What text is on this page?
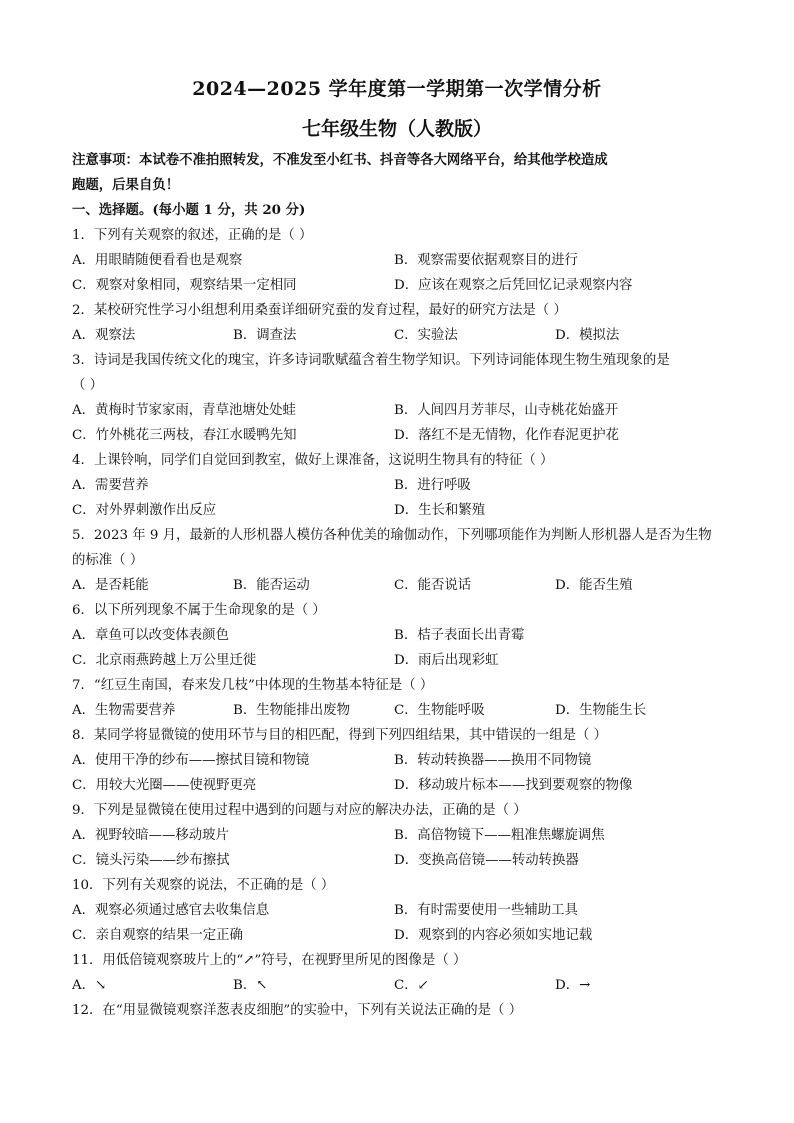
2024—2025 学年度第一学期第一次学情分析
七年级生物（人教版）
注意事项：本试卷不准拍照转发，不准发至小红书、抖音等各大网络平台，给其他学校造成
跑题，后果自负！
一、选择题。(每小题 1 分，共 20 分)
1．下列有关观察的叙述，正确的是（ ）
A．用眼睛随便看看也是观察	B．观察需要依据观察目的进行
C．观察对象相同，观察结果一定相同	D．应该在观察之后凭回忆记录观察内容
2．某校研究性学习小组想利用桑蚕详细研究蚕的发育过程，最好的研究方法是（ ）
A．观察法	B．调查法	C．实验法	D．模拟法
3．诗词是我国传统文化的瑰宝，许多诗词歌赋蕴含着生物学知识。下列诗词能体现生物生殖现象的是
（ ）
A．黄梅时节家家雨，青草池塘处处蛙	B．人间四月芳菲尽，山寺桃花始盛开
C．竹外桃花三两枝，春江水暖鸭先知	D．落红不是无情物，化作春泥更护花
4．上课铃响，同学们自觉回到教室，做好上课准备，这说明生物具有的特征（ ）
A．需要营养	B．进行呼吸
C．对外界刺激作出反应	D．生长和繁殖
5．2023 年 9 月，最新的人形机器人模仿各种优美的瑜伽动作，下列哪项能作为判断人形机器人是否为生物
的标准（ ）
A．是否耗能	B．能否运动	C．能否说话	D．能否生殖
6．以下所列现象不属于生命现象的是（ ）
A．章鱼可以改变体表颜色	B．桔子表面长出青霉
C．北京雨燕跨越上万公里迁徙	D．雨后出现彩虹
7．“红豆生南国，春来发几枝”中体现的生物基本特征是（ ）
A．生物需要营养	B．生物能排出废物	C．生物能呼吸	D．生物能生长
8．某同学将显微镜的使用环节与目的相匹配，得到下列四组结果，其中错误的一组是（ ）
A．使用干净的纱布——擦拭目镜和物镜	B．转动转换器——换用不同物镜
C．用较大光圈——使视野更亮	D．移动玻片标本——找到要观察的物像
9．下列是显微镜在使用过程中遇到的问题与对应的解决办法，正确的是（ ）
A．视野较暗——移动玻片	B．高倍物镜下——粗准焦螺旋调焦
C．镜头污染——纱布擦拭	D．变换高倍镜——转动转换器
10．下列有关观察的说法，不正确的是（ ）
A．观察必须通过感官去收集信息	B．有时需要使用一些辅助工具
C．亲自观察的结果一定正确	D．观察到的内容必须如实地记载
11．用低倍镜观察玻片上的“↗”符号，在视野里所见的图像是（ ）
A．↘	B．↖	C．↙	D．→
12．在“用显微镜观察洋葱表皮细胞”的实验中，下列有关说法正确的是（ ）
